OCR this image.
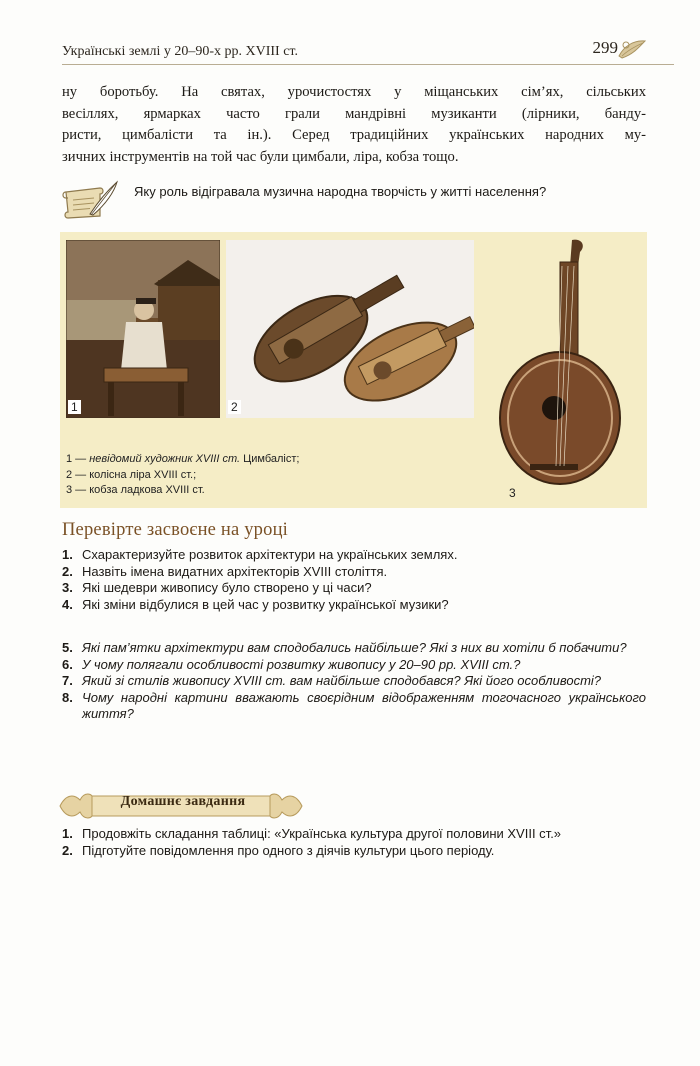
Українські землі у 20–90-х рр. XVIII ст.	299
ну боротьбу. На святах, урочистостях у міщанських сім’ях, сільських
весіллях, ярмарках часто грали мандрівні музиканти (лірники, банду-
ристи, цимбалісти та ін.). Серед традиційних українських народних му-
зичних інструментів на той час були цимбали, ліра, кобза тощо.
Яку роль відігравала музична народна творчість у житті населення?
1	2
3
1 — невідомий художник XVIII ст. Цимбаліст;
2 — колісна ліра XVIII ст.;
3 — кобза ладкова XVIII ст.
Перевірте засвоєне на уроці
1. Схарактеризуйте розвиток архітектури на українських землях.
2. Назвіть імена видатних архітекторів XVIII століття.
3. Які шедеври живопису було створено у ці часи?
4. Які зміни відбулися в цей час у розвитку української музики?
5. Які пам’ятки архітектури вам сподобались найбільше? Які з них ви хотіли б побачити?
6. У чому полягали особливості розвитку живопису у 20–90 рр. XVIII ст.?
7. Який зі стилів живопису XVIII ст. вам найбільше сподобався? Які його особливості?
8. Чому народні картини вважають своєрідним відображенням тогочасного українського життя?
Домашнє завдання
1. Продовжіть складання таблиці: «Українська культура другої половини XVIII ст.»
2. Підготуйте повідомлення про одного з діячів культури цього періоду.
